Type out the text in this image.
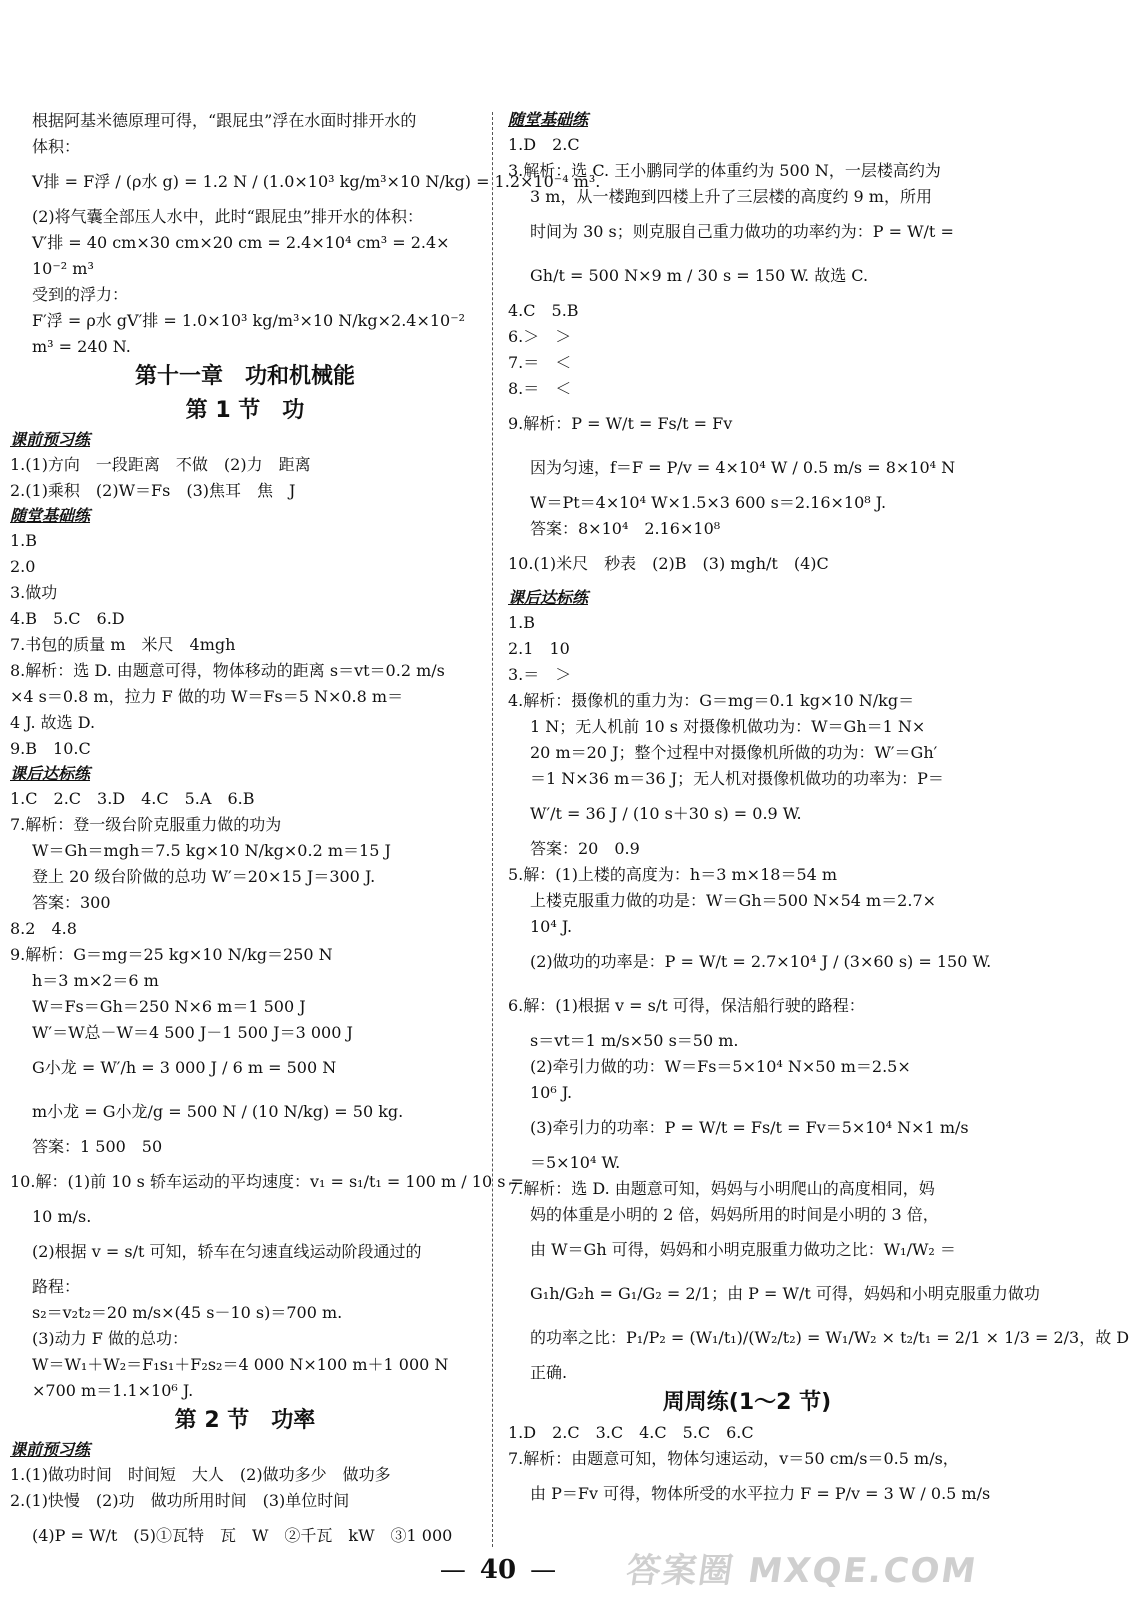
根据阿基米德原理可得，“跟屁虫”浮在水面时排开水的
体积：
V排 = F浮 / (ρ水 g) = 1.2 N / (1.0×10³ kg/m³×10 N/kg) = 1.2×10⁻⁴ m³.
(2)将气囊全部压人水中，此时“跟屁虫”排开水的体积：
V′排 = 40 cm×30 cm×20 cm = 2.4×10⁴ cm³ = 2.4×
10⁻² m³
受到的浮力：
F′浮 = ρ水 gV′排 = 1.0×10³ kg/m³×10 N/kg×2.4×10⁻²
m³ = 240 N.
第十一章　功和机械能
第 1 节　功
课前预习练
1.(1)方向　一段距离　不做　(2)力　距离
2.(1)乘积　(2)W＝Fs　(3)焦耳　焦　J
随堂基础练
1.B
2.0
3.做功
4.B　5.C　6.D
7.书包的质量 m　米尺　4mgh
8.解析：选 D. 由题意可得，物体移动的距离 s＝vt＝0.2 m/s
×4 s＝0.8 m，拉力 F 做的功 W＝Fs＝5 N×0.8 m＝
4 J. 故选 D.
9.B　10.C
课后达标练
1.C　2.C　3.D　4.C　5.A　6.B
7.解析：登一级台阶克服重力做的功为
W＝Gh＝mgh＝7.5 kg×10 N/kg×0.2 m＝15 J
登上 20 级台阶做的总功 W′＝20×15 J＝300 J.
答案：300
8.2　4.8
9.解析：G＝mg＝25 kg×10 N/kg＝250 N
h＝3 m×2＝6 m
W＝Fs＝Gh＝250 N×6 m＝1 500 J
W′＝W总－W＝4 500 J－1 500 J＝3 000 J
G小龙 = W′/h = 3 000 J / 6 m = 500 N
m小龙 = G小龙/g = 500 N / (10 N/kg) = 50 kg.
答案：1 500　50
10.解：(1)前 10 s 轿车运动的平均速度：v₁ = s₁/t₁ = 100 m / 10 s =
10 m/s.
(2)根据 v = s/t 可知，轿车在匀速直线运动阶段通过的
路程：
s₂＝v₂t₂＝20 m/s×(45 s－10 s)＝700 m.
(3)动力 F 做的总功：
W＝W₁＋W₂＝F₁s₁＋F₂s₂＝4 000 N×100 m＋1 000 N
×700 m＝1.1×10⁶ J.
第 2 节　功率
课前预习练
1.(1)做功时间　时间短　大人　(2)做功多少　做功多
2.(1)快慢　(2)功　做功所用时间　(3)单位时间
(4)P = W/t　(5)①瓦特　瓦　W　②千瓦　kW　③1 000
随堂基础练
1.D　2.C
3.解析：选 C. 王小鹏同学的体重约为 500 N，一层楼高约为
3 m，从一楼跑到四楼上升了三层楼的高度约 9 m，所用
时间为 30 s；则克服自己重力做功的功率约为：P = W/t =
Gh/t = 500 N×9 m / 30 s = 150 W. 故选 C.
4.C　5.B
6.＞　＞
7.＝　＜
8.＝　＜
9.解析：P = W/t = Fs/t = Fv
因为匀速，f＝F = P/v = 4×10⁴ W / 0.5 m/s = 8×10⁴ N
W＝Pt＝4×10⁴ W×1.5×3 600 s＝2.16×10⁸ J.
答案：8×10⁴　2.16×10⁸
10.(1)米尺　秒表　(2)B　(3) mgh/t　(4)C
课后达标练
1.B
2.1　10
3.＝　＞
4.解析：摄像机的重力为：G＝mg＝0.1 kg×10 N/kg＝
1 N；无人机前 10 s 对摄像机做功为：W＝Gh＝1 N×
20 m＝20 J；整个过程中对摄像机所做的功为：W′＝Gh′
＝1 N×36 m＝36 J；无人机对摄像机做功的功率为：P＝
W′/t = 36 J / (10 s＋30 s) = 0.9 W.
答案：20　0.9
5.解：(1)上楼的高度为：h＝3 m×18＝54 m
上楼克服重力做的功是：W＝Gh＝500 N×54 m＝2.7×
10⁴ J.
(2)做功的功率是：P = W/t = 2.7×10⁴ J / (3×60 s) = 150 W.
6.解：(1)根据 v = s/t 可得，保洁船行驶的路程：
s＝vt＝1 m/s×50 s＝50 m.
(2)牵引力做的功：W＝Fs＝5×10⁴ N×50 m＝2.5×
10⁶ J.
(3)牵引力的功率：P = W/t = Fs/t = Fv＝5×10⁴ N×1 m/s
＝5×10⁴ W.
7.解析：选 D. 由题意可知，妈妈与小明爬山的高度相同，妈
妈的体重是小明的 2 倍，妈妈所用的时间是小明的 3 倍，
由 W＝Gh 可得，妈妈和小明克服重力做功之比：W₁/W₂ ＝
G₁h/G₂h = G₁/G₂ = 2/1；由 P = W/t 可得，妈妈和小明克服重力做功
的功率之比：P₁/P₂ = (W₁/t₁)/(W₂/t₂) = W₁/W₂ × t₂/t₁ = 2/1 × 1/3 = 2/3，故 D
正确.
周周练(1～2 节)
1.D　2.C　3.C　4.C　5.C　6.C
7.解析：由题意可知，物体匀速运动，v＝50 cm/s＝0.5 m/s，
由 P＝Fv 可得，物体所受的水平拉力 F = P/v = 3 W / 0.5 m/s
— 40 —	答案圈 MXQE.COM
